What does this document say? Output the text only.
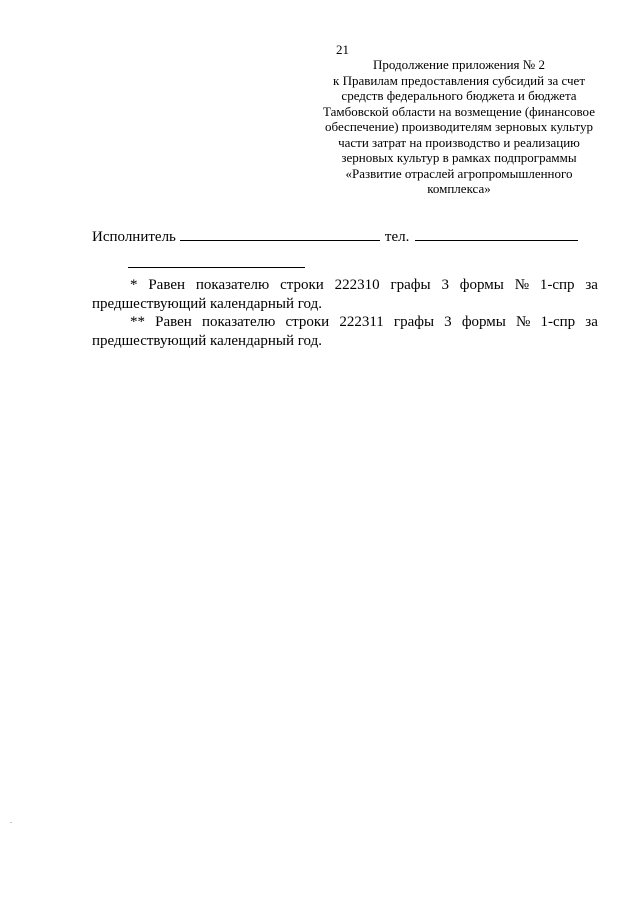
21
Продолжение приложения № 2
к Правилам предоставления субсидий за счет
средств федерального бюджета и бюджета
Тамбовской области на возмещение (финансовое
обеспечение) производителям зерновых культур
части затрат на производство и реализацию
зерновых культур в рамках подпрограммы
«Развитие отраслей агропромышленного
комплекса»
Исполнитель	тел.
* Равен показателю строки 222310 графы 3 формы № 1-спр за
предшествующий календарный год.
** Равен показателю строки 222311 графы 3 формы № 1-спр за
предшествующий календарный год.
.
